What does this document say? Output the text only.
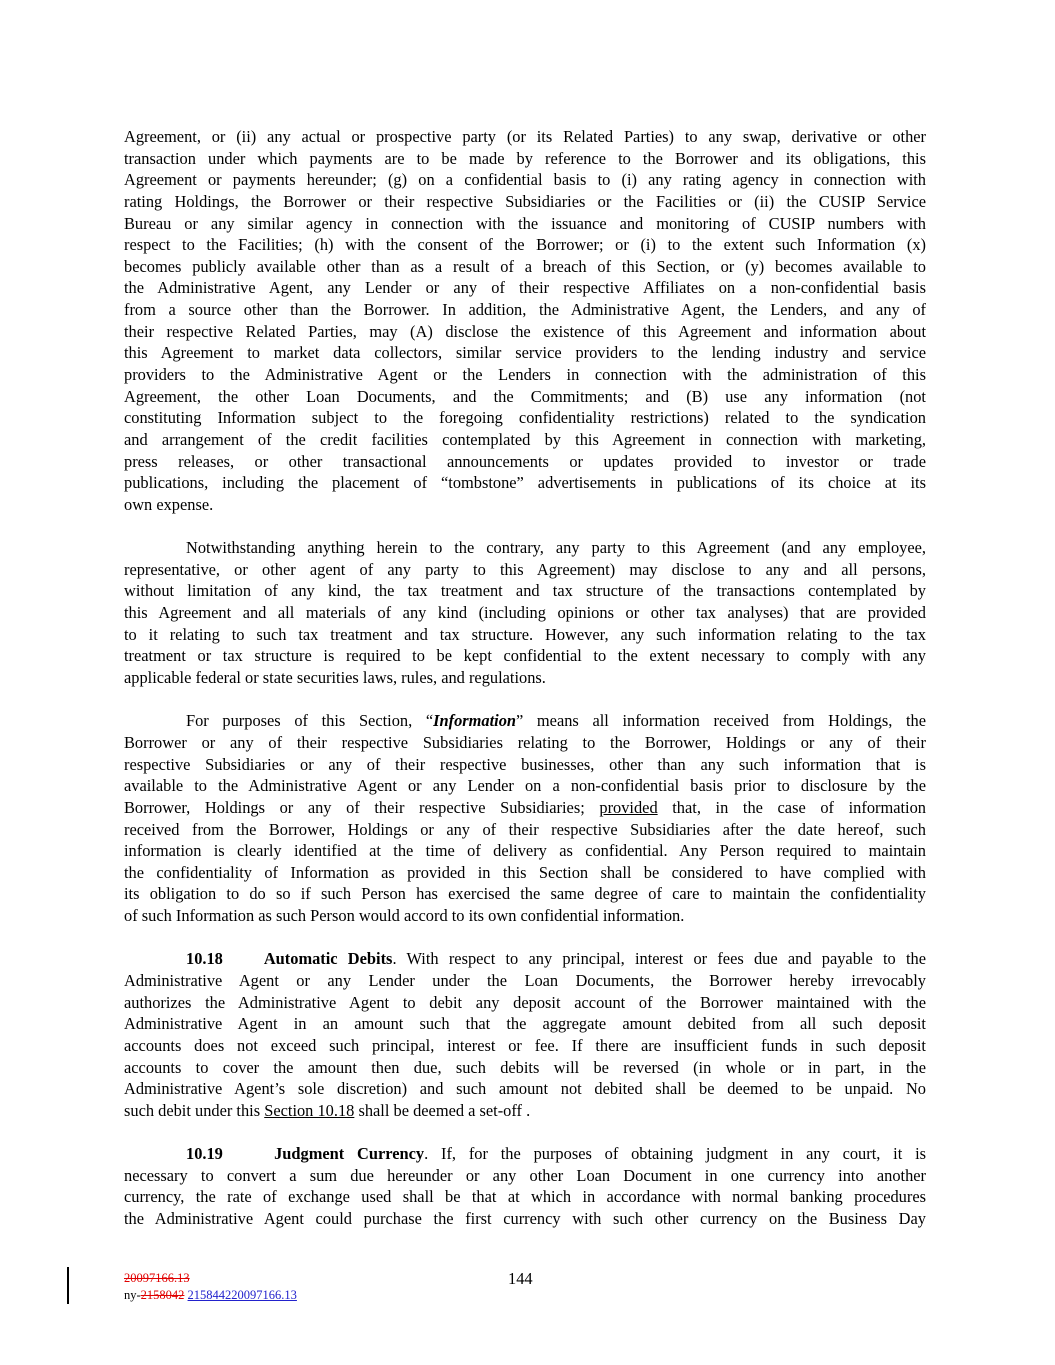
Agreement, or (ii) any actual or prospective party (or its Related Parties) to any swap, derivative or other
transaction under which payments are to be made by reference to the Borrower and its obligations, this
Agreement or payments hereunder; (g) on a confidential basis to (i) any rating agency in connection with
rating Holdings, the Borrower or their respective Subsidiaries or the Facilities or (ii) the CUSIP Service
Bureau or any similar agency in connection with the issuance and monitoring of CUSIP numbers with
respect to the Facilities; (h) with the consent of the Borrower; or (i) to the extent such Information (x)
becomes publicly available other than as a result of a breach of this Section, or (y) becomes available to
the Administrative Agent, any Lender or any of their respective Affiliates on a non-confidential basis
from a source other than the Borrower. In addition, the Administrative Agent, the Lenders, and any of
their respective Related Parties, may (A) disclose the existence of this Agreement and information about
this Agreement to market data collectors, similar service providers to the lending industry and service
providers to the Administrative Agent or the Lenders in connection with the administration of this
Agreement, the other Loan Documents, and the Commitments; and (B) use any information (not
constituting Information subject to the foregoing confidentiality restrictions) related to the syndication
and arrangement of the credit facilities contemplated by this Agreement in connection with marketing,
press releases, or other transactional announcements or updates provided to investor or trade
publications, including the placement of “tombstone” advertisements in publications of its choice at its
own expense.
Notwithstanding anything herein to the contrary, any party to this Agreement (and any employee,
representative, or other agent of any party to this Agreement) may disclose to any and all persons,
without limitation of any kind, the tax treatment and tax structure of the transactions contemplated by
this Agreement and all materials of any kind (including opinions or other tax analyses) that are provided
to it relating to such tax treatment and tax structure. However, any such information relating to the tax
treatment or tax structure is required to be kept confidential to the extent necessary to comply with any
applicable federal or state securities laws, rules, and regulations.
For purposes of this Section, “Information” means all information received from Holdings, the
Borrower or any of their respective Subsidiaries relating to the Borrower, Holdings or any of their
respective Subsidiaries or any of their respective businesses, other than any such information that is
available to the Administrative Agent or any Lender on a non-confidential basis prior to disclosure by the
Borrower, Holdings or any of their respective Subsidiaries; provided that, in the case of information
received from the Borrower, Holdings or any of their respective Subsidiaries after the date hereof, such
information is clearly identified at the time of delivery as confidential. Any Person required to maintain
the confidentiality of Information as provided in this Section shall be considered to have complied with
its obligation to do so if such Person has exercised the same degree of care to maintain the confidentiality
of such Information as such Person would accord to its own confidential information.
10.18    Automatic Debits. With respect to any principal, interest or fees due and payable to the
Administrative Agent or any Lender under the Loan Documents, the Borrower hereby irrevocably
authorizes the Administrative Agent to debit any deposit account of the Borrower maintained with the
Administrative Agent in an amount such that the aggregate amount debited from all such deposit
accounts does not exceed such principal, interest or fee. If there are insufficient funds in such deposit
accounts to cover the amount then due, such debits will be reversed (in whole or in part, in the
Administrative Agent’s sole discretion) and such amount not debited shall be deemed to be unpaid. No
such debit under this Section 10.18 shall be deemed a set-off .
10.19    Judgment Currency. If, for the purposes of obtaining judgment in any court, it is
necessary to convert a sum due hereunder or any other Loan Document in one currency into another
currency, the rate of exchange used shall be that at which in accordance with normal banking procedures
the Administrative Agent could purchase the first currency with such other currency on the Business Day
20097166.13
ny-2158042 215844220097166.13
144
